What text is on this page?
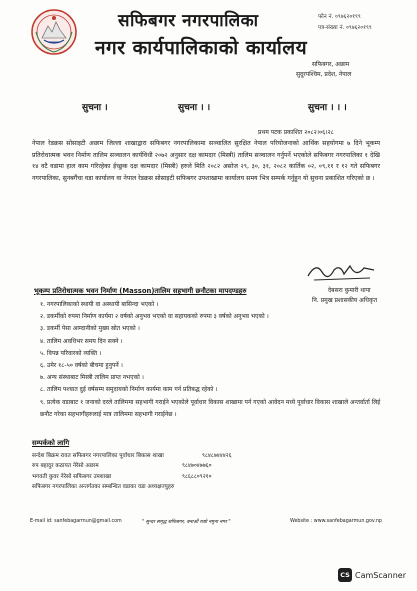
सफिबगर नगरपालिका
नगर कार्यपालिकाको कार्यालय
फोन नं. ०९७६२०१९९
पत्र-संख्या नं. ०९७६२०१९९
सफिबगर, अछाम
सुदूरपश्चिम, प्रदेश, नेपाल
सुचना ।	सुचना । ।	सुचना । । ।
प्रथम पटक प्रकाशित २०८२।०६।२८
नेपाल रेडक्रस सोसाइटी अछाम जिल्ला शाखाद्वारा सफिबगर नगरपालिकामा सञ्चालित सुरक्षित नेपाल परियोजनाको आर्थिक सहयोगमा ७ दिने भूकम्प प्रतिरोधात्मक भवन निर्माण तालिम सञ्चालन कार्यविधी २०७२ अनुसार दक्ष कामदार (मिस्त्री) तालिम सञ्चालन गर्नुपर्ने भएकोले सफिबगर नगरपालिका १ देखि १४ वटै वडामा हाल काम गरिरहेका ईच्छुक दक्ष कामदार (मिस्त्री) हरुले मिति २०८२ असोज २९, ३०, ३१, २०८२ कार्तिक ०२, ०९,११ र १२ गते सफिबगर नगरपालिका, सुनबगैंचा वडा कार्यालय वा नेपाल रेडक्रस सोसाइटी सफिबगर उपशाखामा कार्यालय समय भित्र सम्पर्क गर्नुहुन यो सुचना प्रकाशित गरिएको छ ।
देबसरा कुमारी थापा
नि. प्रमुख प्रशासकीय अधिकृत
भूकम्प प्रतिरोधात्मक भवन निर्माण (Masson)तालिम सहभागी छनौटका मापदण्डहरु
१. नगरपालिकाको स्थायी वा अस्थायी बासिन्दा भएको ।
२. डकर्मीको रुपमा निर्माण कार्यमा २ वर्षको अनुभव भएको वा सहायकको रुपमा ३ वर्षको अनुभव भएको ।
३. डकर्मी पेसा आम्दानीको मुख्य स्रोत भएको ।
४. तालिम अवधिभर समय दिन सक्ने ।
५. विपन्न परिवारको व्यक्ति ।
६. उमेर १८-५० वर्षको बीचमा हुनुपर्ने ।
७. अन्य संस्थाबाट मिस्त्री तालिम प्राप्त नभएको ।
८. तालिम पश्चात दुई वर्षसम्म समुदायको निर्माण कार्यमा काम गर्न प्रतिबद्ध रहेको ।
९. प्रत्येक वडाबाट १ जनाको दरले तालिममा सहभागी गराईने भएकोले पूर्वाधार विकास शाखामा पर्न गएको आवेदन मध्ये पूर्वाधार विकास शाखाले अन्तर्वार्ता लिई छनौट गरेका सहभागीहरुलाई मात्र तालिममा सहभागी गराईनेछ ।
सम्पर्कको लागि
सन्देश बिक्रम रावत सफिबगर नगरपालिका पूर्वाधार बिकास शाखा	९८४८७४४४२६
रुप बहादुर कठायत नेरेसो अछाम	९८४७०४७७६०
भगवती कुवर नेरेसो सफिबगर उपशाखा	९८६८८०९२१०
सफिबगर नगरपालिका अन्तर्गतका सम्बन्धित वडाका वडा अध्यक्षज्युहरु
E-mail id: sanfebagarmun@gmail.com	" सुन्दर समृद्ध सफिबगर, बनाऔं राम्रो नमुना नगर "	Website : www.sanfebagarmun.gov.np
CS CamScanner
